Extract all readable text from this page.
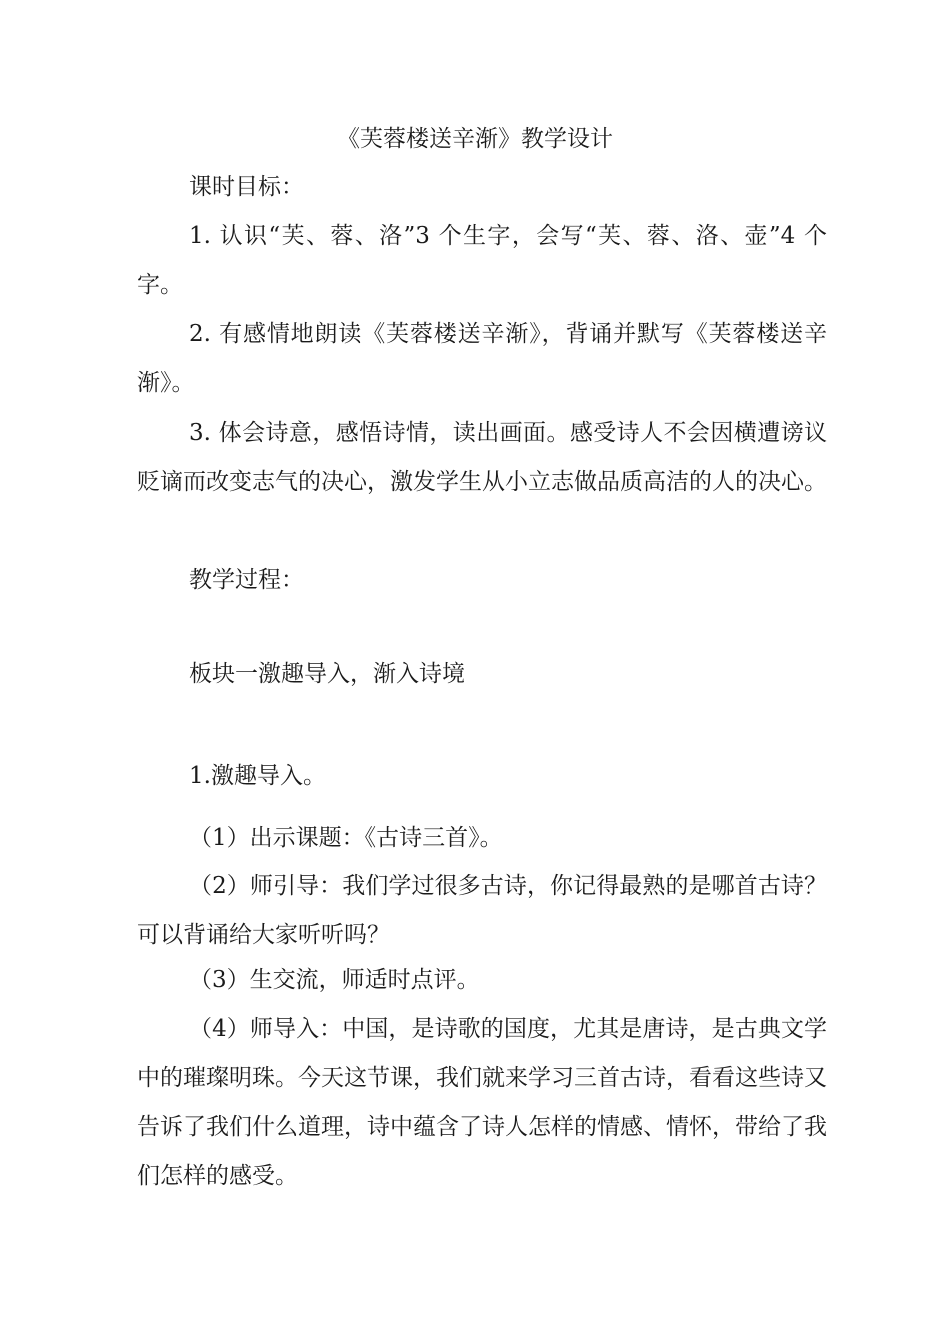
《芙蓉楼送辛渐》教学设计

课时目标：

1. 认识“芙、蓉、洛”3 个生字，会写“芙、蓉、洛、壶”4 个字。

2. 有感情地朗读《芙蓉楼送辛渐》，背诵并默写《芙蓉楼送辛渐》。

3. 体会诗意，感悟诗情，读出画面。感受诗人不会因横遭谤议贬谪而改变志气的决心，激发学生从小立志做品质高洁的人的决心。

教学过程：

板块一激趣导入，渐入诗境

1.激趣导入。

（1）出示课题：《古诗三首》。

（2）师引导：我们学过很多古诗，你记得最熟的是哪首古诗？可以背诵给大家听听吗？

（3）生交流，师适时点评。

（4）师导入：中国，是诗歌的国度，尤其是唐诗，是古典文学中的璀璨明珠。今天这节课，我们就来学习三首古诗，看看这些诗又告诉了我们什么道理，诗中蕴含了诗人怎样的情感、情怀，带给了我们怎样的感受。
